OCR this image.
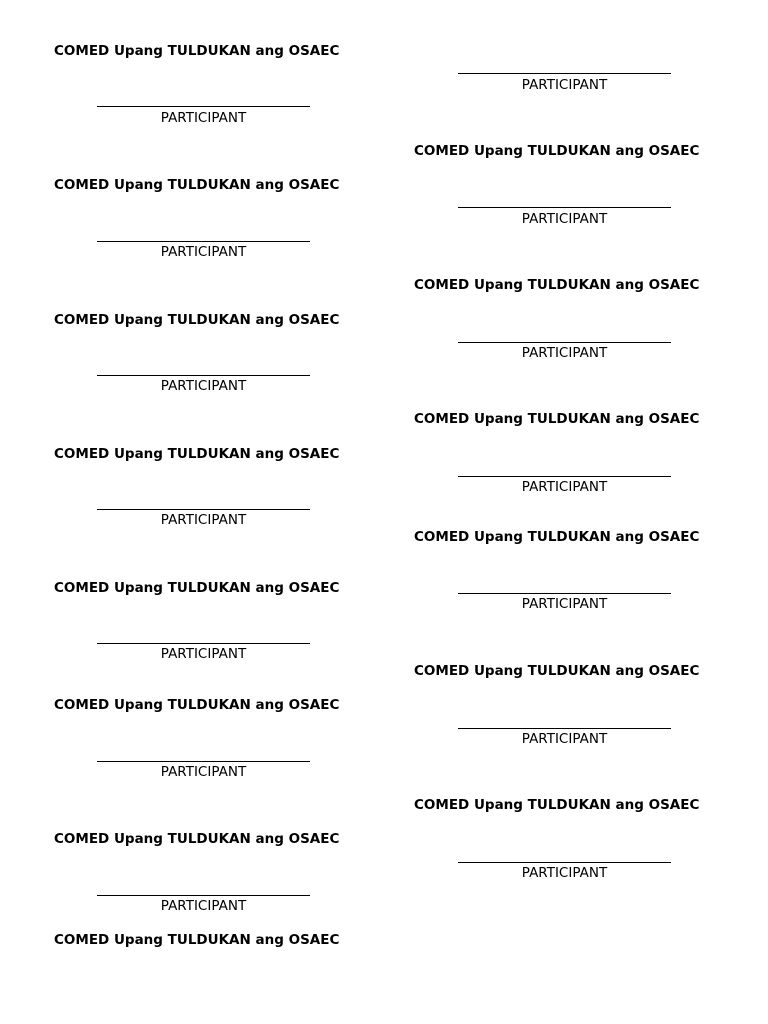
COMED Upang TULDUKAN ang OSAEC
PARTICIPANT
COMED Upang TULDUKAN ang OSAEC
PARTICIPANT
COMED Upang TULDUKAN ang OSAEC
PARTICIPANT
COMED Upang TULDUKAN ang OSAEC
PARTICIPANT
COMED Upang TULDUKAN ang OSAEC
PARTICIPANT
COMED Upang TULDUKAN ang OSAEC
PARTICIPANT
COMED Upang TULDUKAN ang OSAEC
PARTICIPANT
COMED Upang TULDUKAN ang OSAEC
PARTICIPANT
COMED Upang TULDUKAN ang OSAEC
PARTICIPANT
COMED Upang TULDUKAN ang OSAEC
PARTICIPANT
COMED Upang TULDUKAN ang OSAEC
PARTICIPANT
COMED Upang TULDUKAN ang OSAEC
PARTICIPANT
COMED Upang TULDUKAN ang OSAEC
PARTICIPANT
COMED Upang TULDUKAN ang OSAEC
PARTICIPANT
